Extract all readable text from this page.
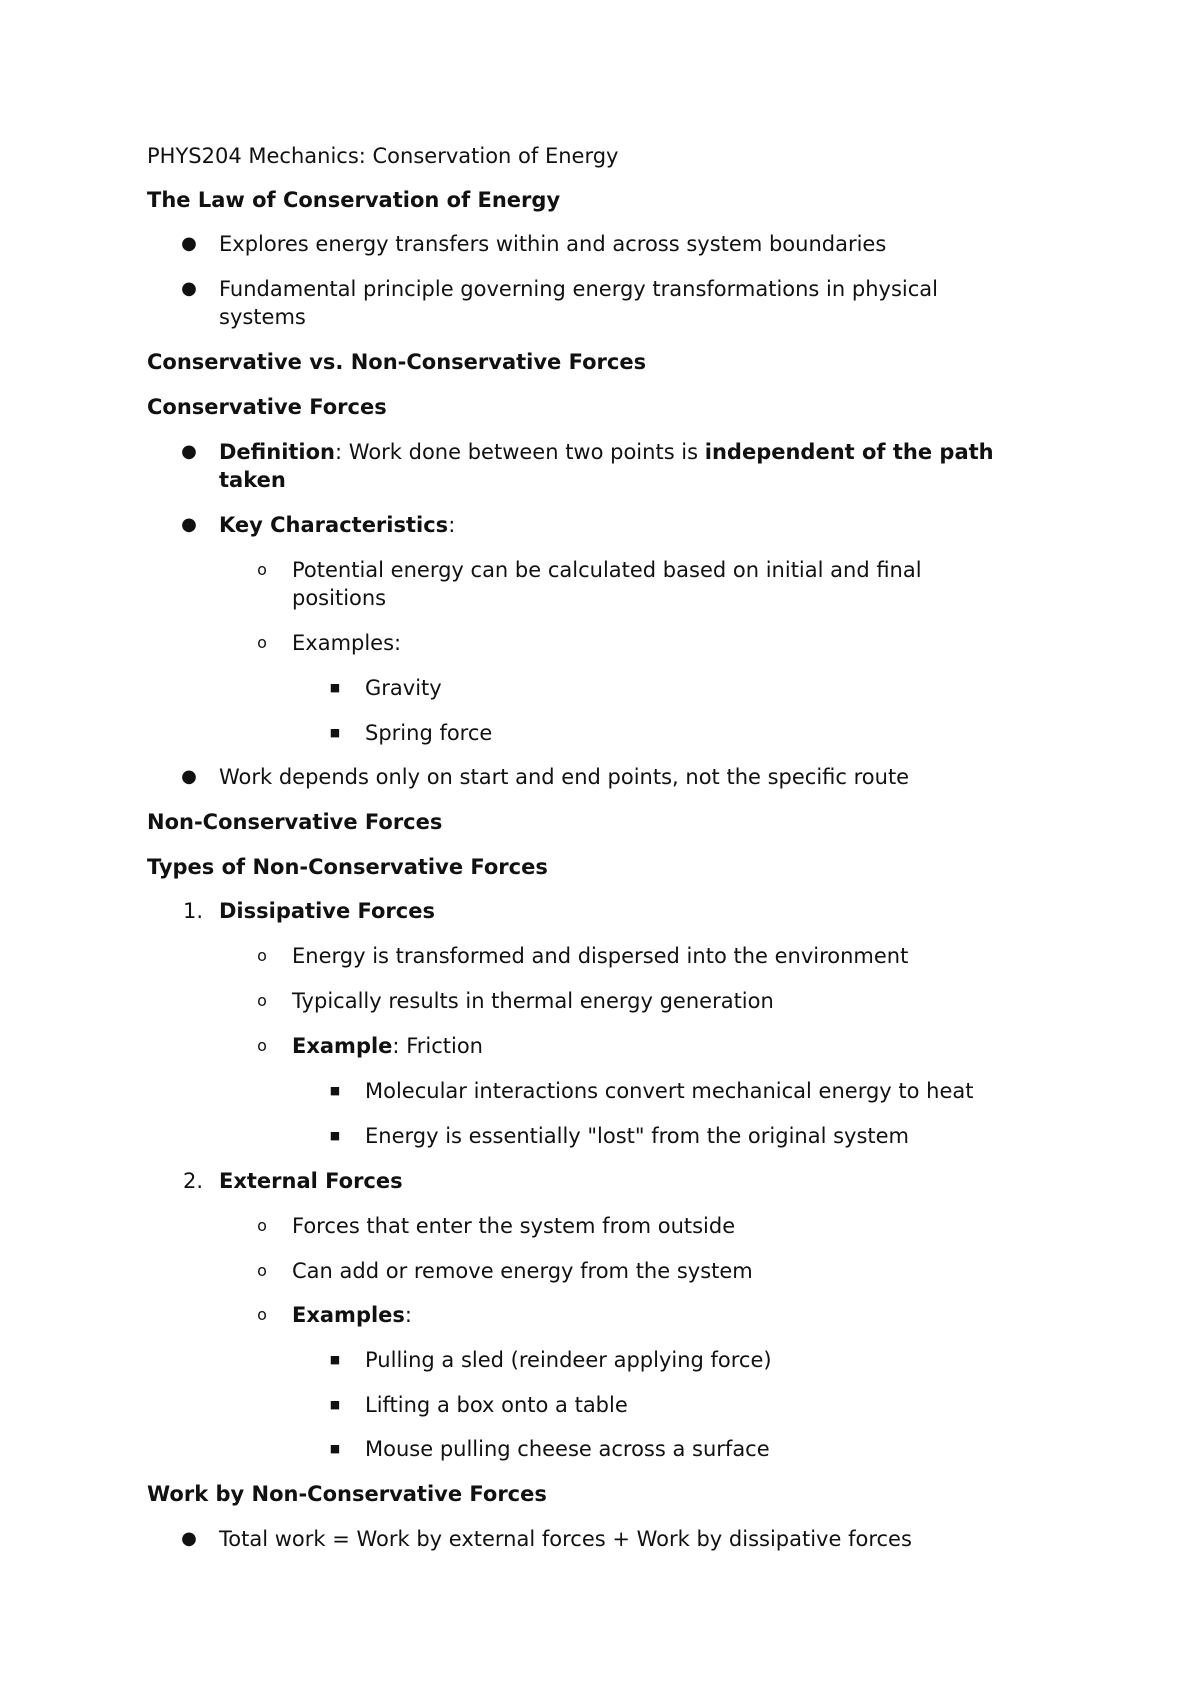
PHYS204 Mechanics: Conservation of Energy
The Law of Conservation of Energy
● Explores energy transfers within and across system boundaries
● Fundamental principle governing energy transformations in physical
systems
Conservative vs. Non-Conservative Forces
Conservative Forces
● Definition: Work done between two points is independent of the path
taken
● Key Characteristics:
o Potential energy can be calculated based on initial and final
positions
o Examples:
■ Gravity
■ Spring force
● Work depends only on start and end points, not the specific route
Non-Conservative Forces
Types of Non-Conservative Forces
1. Dissipative Forces
o Energy is transformed and dispersed into the environment
o Typically results in thermal energy generation
o Example: Friction
■ Molecular interactions convert mechanical energy to heat
■ Energy is essentially "lost" from the original system
2. External Forces
o Forces that enter the system from outside
o Can add or remove energy from the system
o Examples:
■ Pulling a sled (reindeer applying force)
■ Lifting a box onto a table
■ Mouse pulling cheese across a surface
Work by Non-Conservative Forces
● Total work = Work by external forces + Work by dissipative forces
